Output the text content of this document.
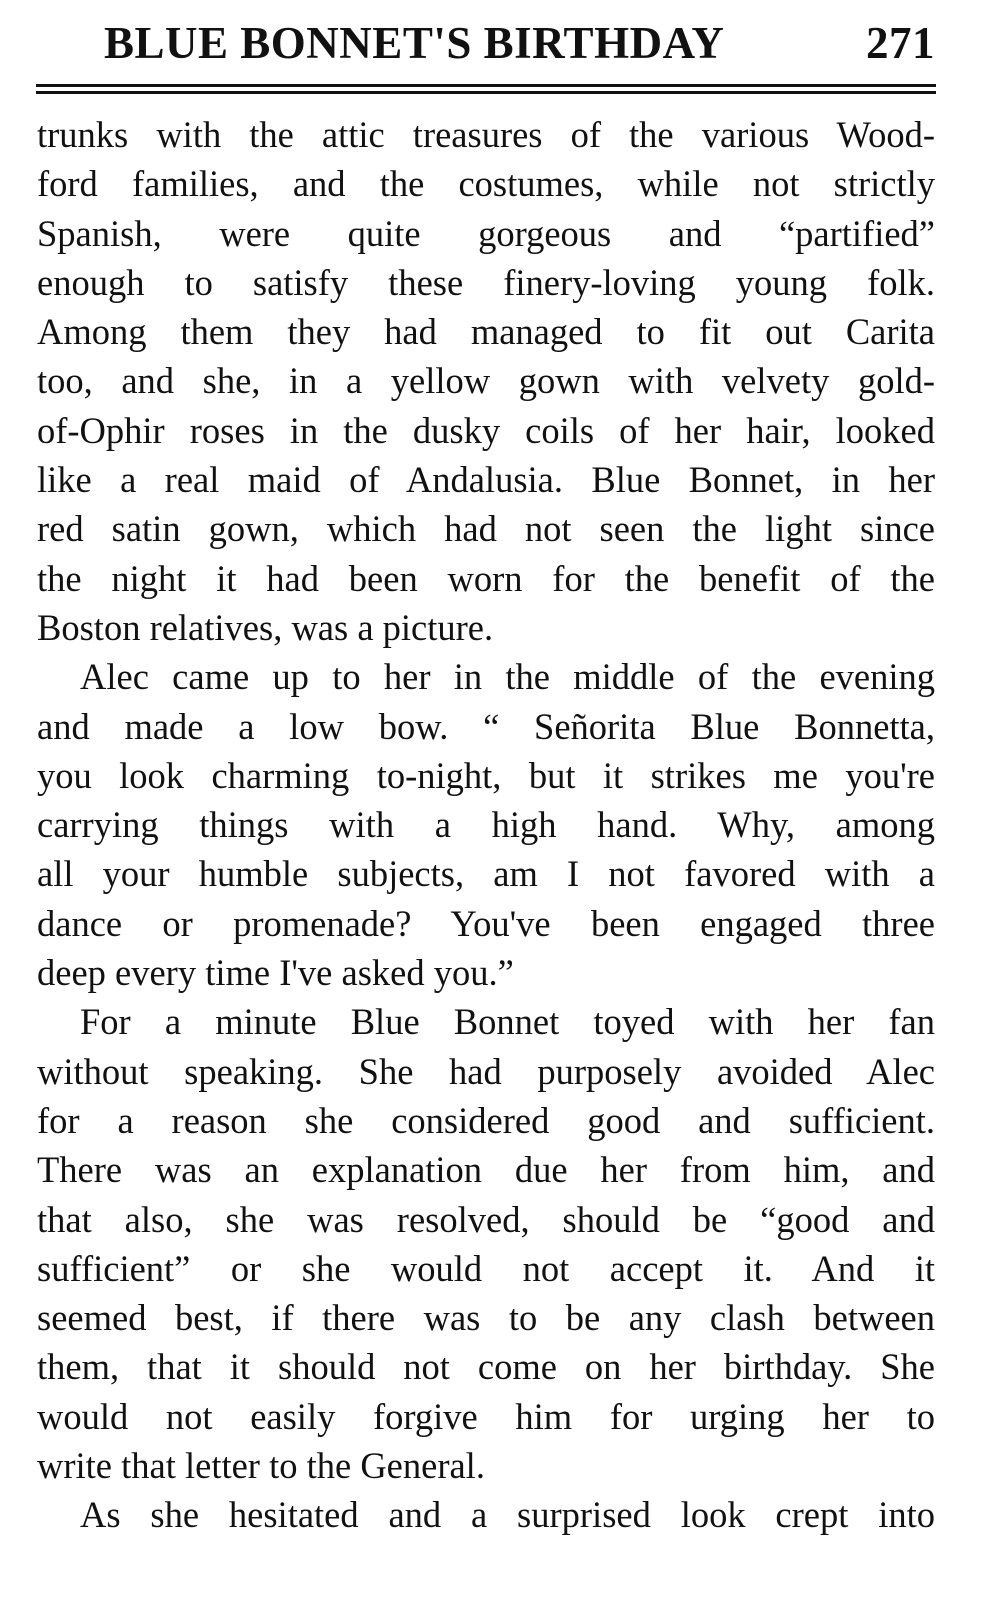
BLUE BONNET'S BIRTHDAY	271
trunks with the attic treasures of the various Wood-
ford families, and the costumes, while not strictly
Spanish, were quite gorgeous and “partified”
enough to satisfy these finery-loving young folk.
Among them they had managed to fit out Carita
too, and she, in a yellow gown with velvety gold-
of-Ophir roses in the dusky coils of her hair, looked
like a real maid of Andalusia. Blue Bonnet, in her
red satin gown, which had not seen the light since
the night it had been worn for the benefit of the
Boston relatives, was a picture.
Alec came up to her in the middle of the evening
and made a low bow. “ Señorita Blue Bonnetta,
you look charming to-night, but it strikes me you're
carrying things with a high hand. Why, among
all your humble subjects, am I not favored with a
dance or promenade? You've been engaged three
deep every time I've asked you.”
For a minute Blue Bonnet toyed with her fan
without speaking. She had purposely avoided Alec
for a reason she considered good and sufficient.
There was an explanation due her from him, and
that also, she was resolved, should be “good and
sufficient” or she would not accept it. And it
seemed best, if there was to be any clash between
them, that it should not come on her birthday. She
would not easily forgive him for urging her to
write that letter to the General.
As she hesitated and a surprised look crept into
